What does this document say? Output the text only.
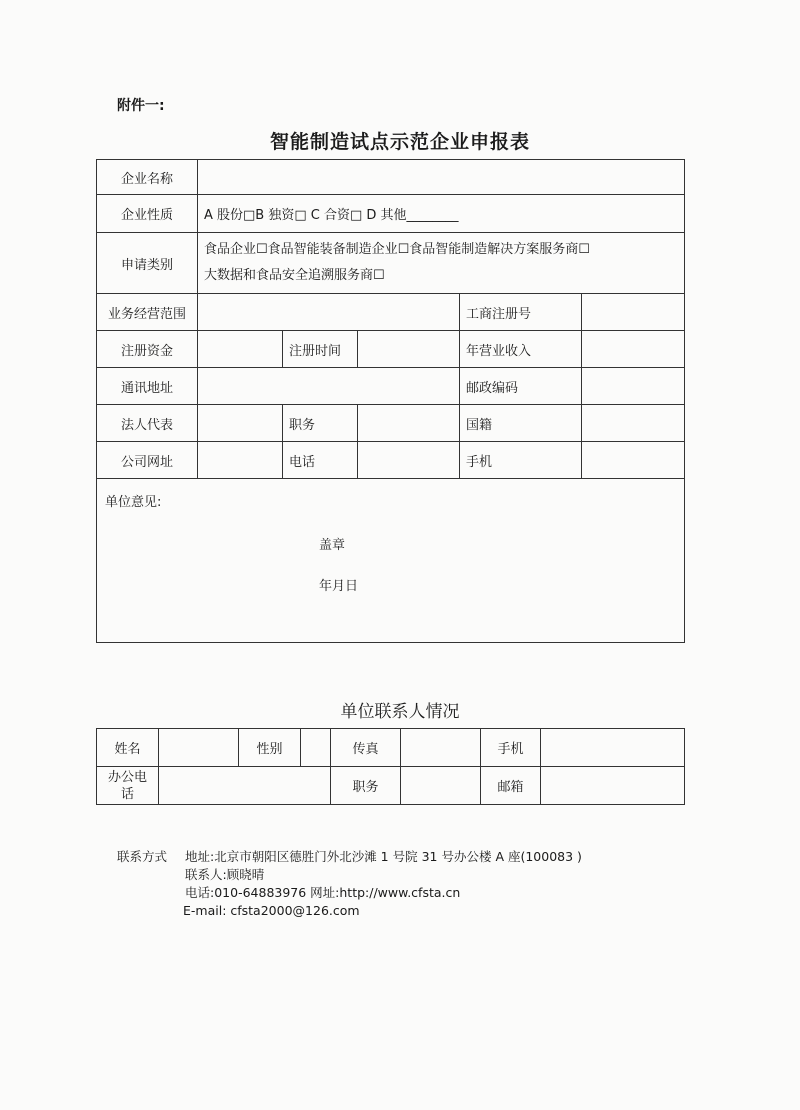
附件一:
智能制造试点示范企业申报表
企业名称					
企业性质	A 股份□B 独资□ C 合资□ D 其他________				
申请类别	食品企业☐食品智能装备制造企业☐食品智能制造解决方案服务商☐
大数据和食品安全追溯服务商☐				

业务经营范围				工商注册号	
注册资金		注册时间		年营业收入	
通讯地址				邮政编码	
法人代表		职务		国籍	
公司网址		电话		手机	

单位意见:
盖章
年月日					
单位联系人情况
姓名		性别		传真		手机	
办公电话				职务		邮箱	
联系方式	地址:北京市朝阳区德胜门外北沙滩 1 号院 31 号办公楼 A 座(100083 )
联系人:顾晓晴
电话:010-64883976 网址:http://www.cfsta.cn
E-mail: cfsta2000@126.com
